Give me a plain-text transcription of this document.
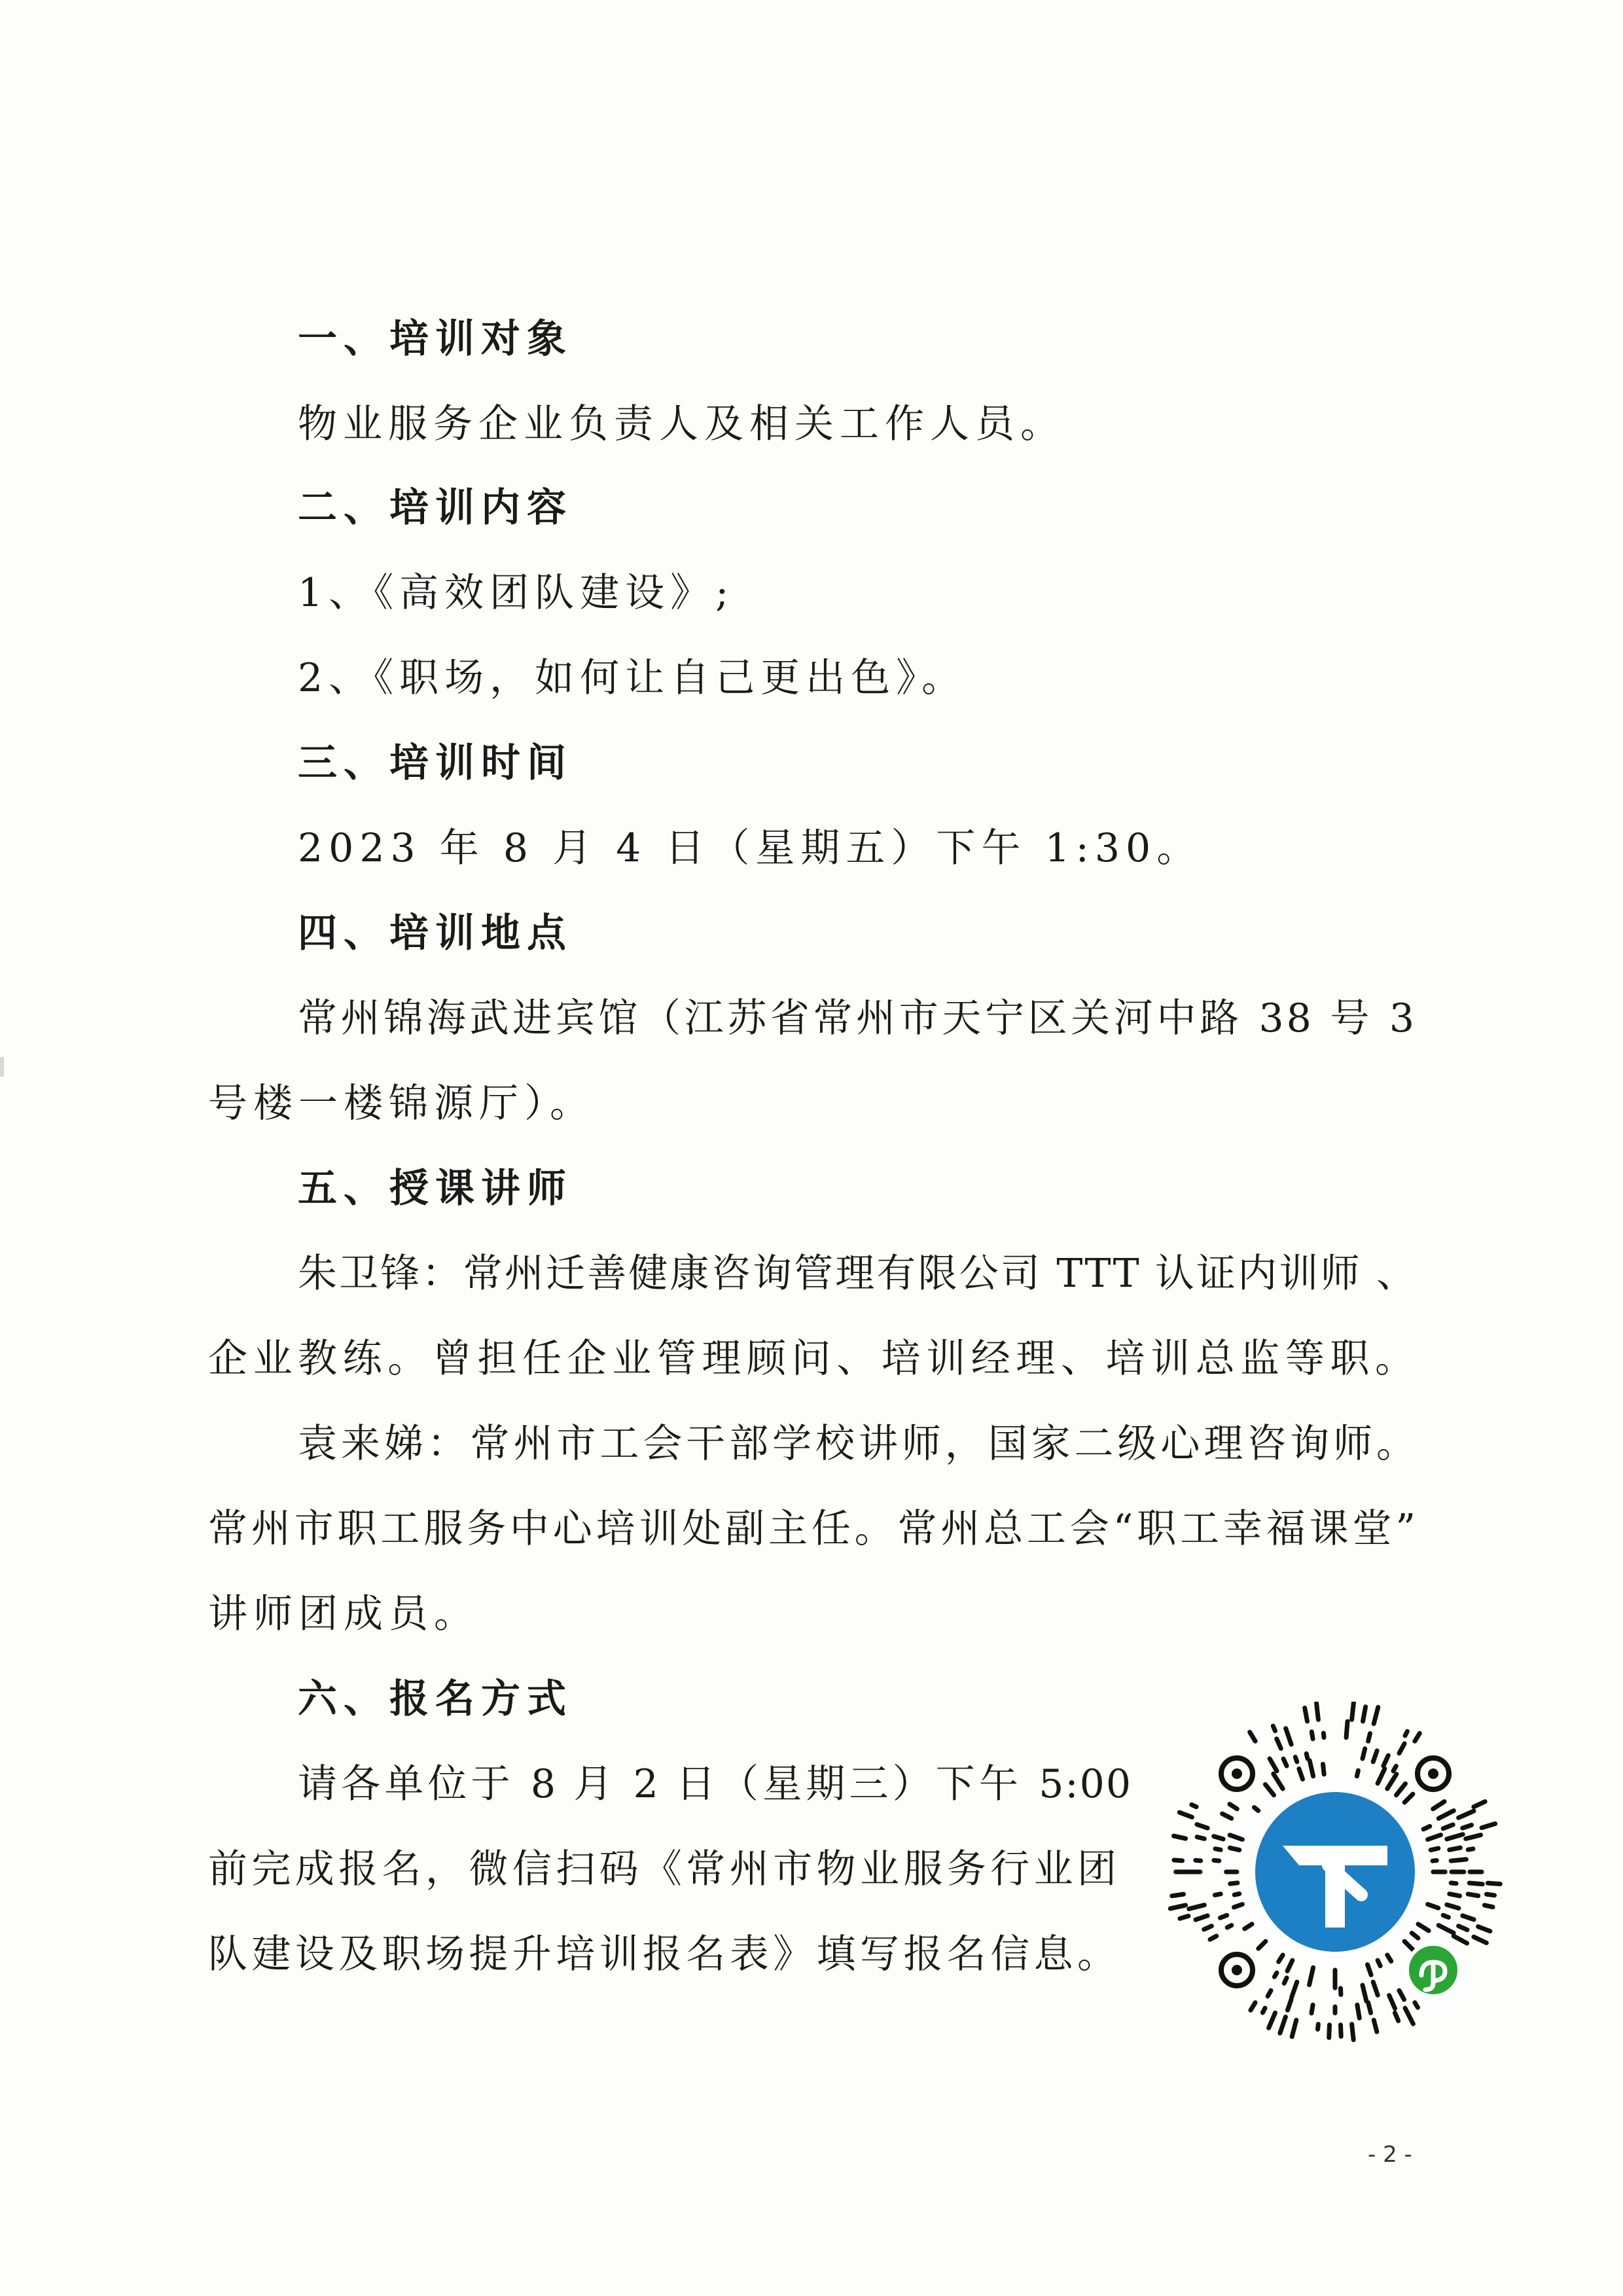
一、培训对象
物业服务企业负责人及相关工作人员。
二、培训内容
1、《高效团队建设》;
2、《职场，如何让自己更出色》。
三、培训时间
2023 年 8 月 4 日（星期五）下午 1:30。
四、培训地点
常州锦海武进宾馆（江苏省常州市天宁区关河中路 38 号 3
号楼一楼锦源厅）。
五、授课讲师
朱卫锋：常州迁善健康咨询管理有限公司 TTT 认证内训师 、
企业教练。曾担任企业管理顾问、培训经理、培训总监等职。
袁来娣：常州市工会干部学校讲师，国家二级心理咨询师。
常州市职工服务中心培训处副主任。常州总工会“职工幸福课堂”
讲师团成员。
六、报名方式
请各单位于 8 月 2 日（星期三）下午 5:00
前完成报名，微信扫码《常州市物业服务行业团
队建设及职场提升培训报名表》填写报名信息。
- 2 -
